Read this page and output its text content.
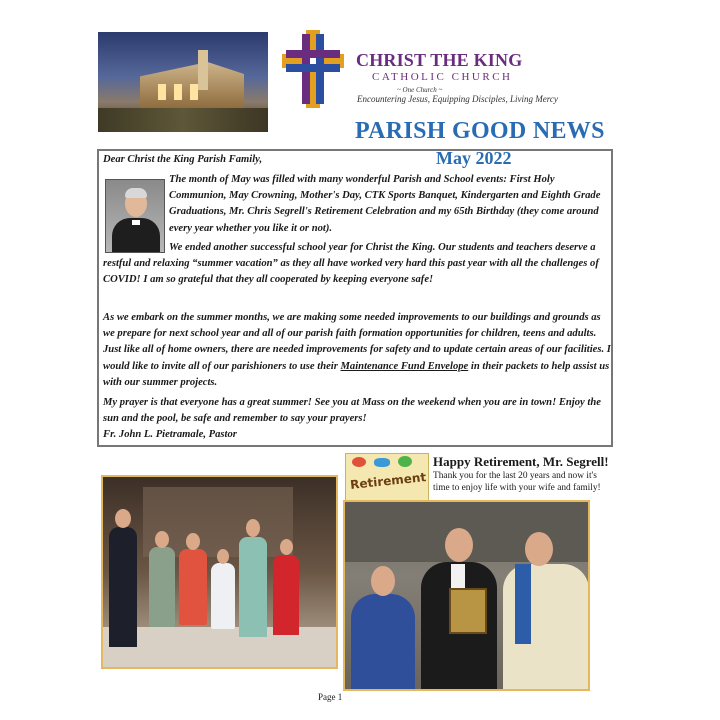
CHRIST THE KING
CATHOLIC CHURCH
~ One Church ~
Encountering Jesus, Equipping Disciples, Living Mercy
PARISH GOOD NEWS
May 2022
Dear Christ the King Parish Family,

The month of May was filled with many wonderful Parish and School events: First Holy Communion, May Crowning, Mother's Day, CTK Sports Banquet, Kindergarten and Eighth Grade Graduations, Mr. Chris Segrell's Retirement Celebration and my 65th Birthday (they come around every year whether you like it or not).

We ended another successful school year for Christ the King. Our students and teachers deserve a restful and relaxing “summer vacation” as they all have worked very hard this past year with all the challenges of COVID! I am so grateful that they all cooperated by keeping everyone safe!

As we embark on the summer months, we are making some needed improvements to our buildings and grounds as we prepare for next school year and all of our parish faith formation opportunities for children, teens and adults. Just like all of home owners, there are needed improvements for safety and to update certain areas of our facilities. I would like to invite all of our parishioners to use their Maintenance Fund Envelope in their packets to help assist us with our summer projects.

My prayer is that everyone has a great summer! See you at Mass on the weekend when you are in town! Enjoy the sun and the pool, be safe and remember to say your prayers!
Fr. John L. Pietramale, Pastor

Retirement
Happy Retirement, Mr. Segrell!

Thank you for the last 20 years and now it's time to enjoy life with your wife and family!

Page 1
